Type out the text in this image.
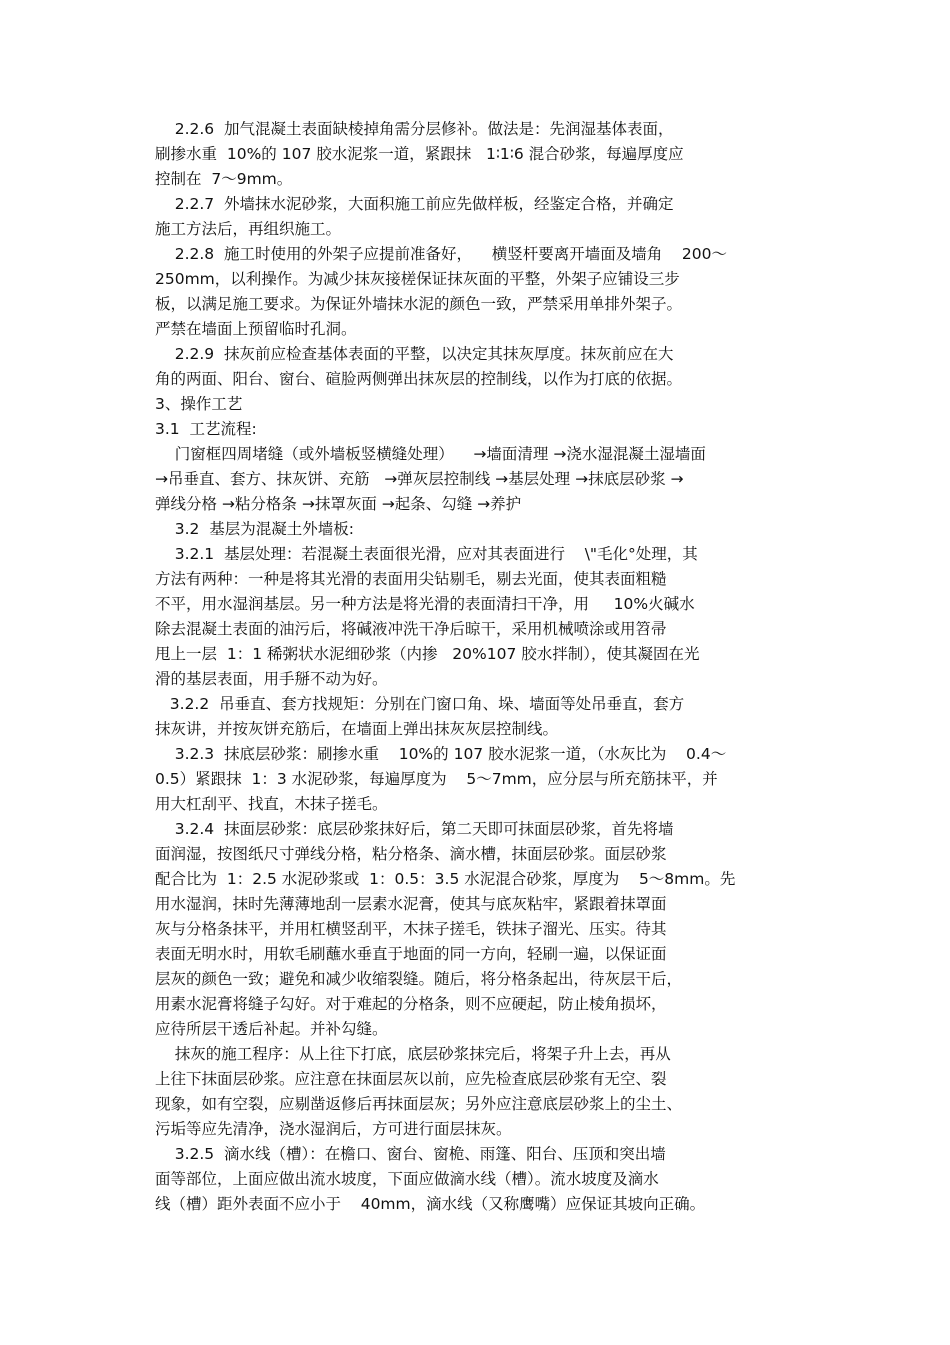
2.2.6  加气混凝土表面缺棱掉角需分层修补。做法是：先润湿基体表面，
刷掺水重  10%的 107 胶水泥浆一道，紧跟抹   1∶1∶6 混合砂浆，每遍厚度应
控制在  7～9mm。
2.2.7  外墙抹水泥砂浆，大面积施工前应先做样板，经鉴定合格，并确定
施工方法后，再组织施工。
2.2.8  施工时使用的外架子应提前准备好，    横竖杆要离开墙面及墙角    200～
250mm，以利操作。为减少抹灰接槎保证抹灰面的平整，外架子应铺设三步
板，以满足施工要求。为保证外墙抹水泥的颜色一致，严禁采用单排外架子。
严禁在墙面上预留临时孔洞。
2.2.9  抹灰前应检查基体表面的平整，以决定其抹灰厚度。抹灰前应在大
角的两面、阳台、窗台、碹脸两侧弹出抹灰层的控制线，以作为打底的依据。
3、操作工艺
3.1  工艺流程:
门窗框四周堵缝（或外墙板竖横缝处理）    →墙面清理 →浇水湿混凝土湿墙面
→吊垂直、套方、抹灰饼、充筋   →弹灰层控制线 →基层处理 →抹底层砂浆 →
弹线分格 →粘分格条 →抹罩灰面 →起条、勾缝 →养护
3.2  基层为混凝土外墙板:
3.2.1  基层处理：若混凝土表面很光滑，应对其表面进行    \"毛化°处理，其
方法有两种：一种是将其光滑的表面用尖钻剔毛，剔去光面，使其表面粗糙
不平，用水湿润基层。另一种方法是将光滑的表面清扫干净，用     10%火碱水
除去混凝土表面的油污后，将碱液冲洗干净后晾干，采用机械喷涂或用笤帚
甩上一层  1：1 稀粥状水泥细砂浆（内掺   20%107 胶水拌制），使其凝固在光
滑的基层表面，用手掰不动为好。
3.2.2  吊垂直、套方找规矩：分别在门窗口角、垛、墙面等处吊垂直，套方
抹灰讲，并按灰饼充筋后，在墙面上弹出抹灰灰层控制线。
3.2.3  抹底层砂浆：刷掺水重    10%的 107 胶水泥浆一道，（水灰比为    0.4～
0.5）紧跟抹  1：3 水泥砂浆，每遍厚度为    5～7mm，应分层与所充筋抹平，并
用大杠刮平、找直，木抹子搓毛。
3.2.4  抹面层砂浆：底层砂浆抹好后，第二天即可抹面层砂浆，首先将墙
面润湿，按图纸尺寸弹线分格，粘分格条、滴水槽，抹面层砂浆。面层砂浆
配合比为  1：2.5 水泥砂浆或  1：0.5：3.5 水泥混合砂浆，厚度为    5～8mm。先
用水湿润，抹时先薄薄地刮一层素水泥膏，使其与底灰粘牢，紧跟着抹罩面
灰与分格条抹平，并用杠横竖刮平，木抹子搓毛，铁抹子溜光、压实。待其
表面无明水时，用软毛刷蘸水垂直于地面的同一方向，轻刷一遍，以保证面
层灰的颜色一致；避免和减少收缩裂缝。随后，将分格条起出，待灰层干后，
用素水泥膏将缝子勾好。对于难起的分格条，则不应硬起，防止棱角损坏，
应待所层干透后补起。并补勾缝。
抹灰的施工程序：从上往下打底，底层砂浆抹完后，将架子升上去，再从
上往下抹面层砂浆。应注意在抹面层灰以前，应先检查底层砂浆有无空、裂
现象，如有空裂，应剔凿返修后再抹面层灰；另外应注意底层砂浆上的尘土、
污垢等应先清净，浇水湿润后，方可进行面层抹灰。
3.2.5  滴水线（槽）：在檐口、窗台、窗桅、雨篷、阳台、压顶和突出墙
面等部位，上面应做出流水坡度，下面应做滴水线（槽）。流水坡度及滴水
线（槽）距外表面不应小于    40mm，滴水线（又称鹰嘴）应保证其坡向正确。
